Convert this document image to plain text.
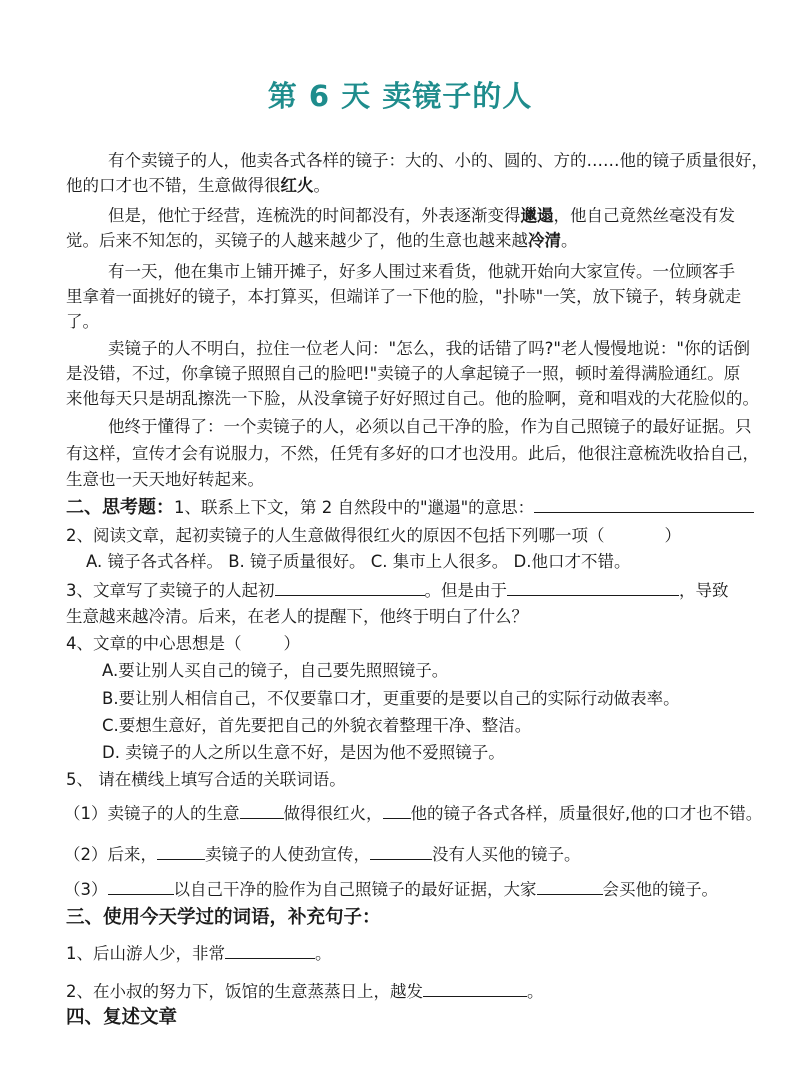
第 6 天 卖镜子的人
有个卖镜子的人，他卖各式各样的镜子：大的、小的、圆的、方的……他的镜子质量很好，
他的口才也不错，生意做得很红火。
但是，他忙于经营，连梳洗的时间都没有，外表逐渐变得邋遢，他自己竟然丝毫没有发
觉。后来不知怎的，买镜子的人越来越少了，他的生意也越来越冷清。
有一天，他在集市上铺开摊子，好多人围过来看货，他就开始向大家宣传。一位顾客手
里拿着一面挑好的镜子，本打算买，但端详了一下他的脸，"扑哧"一笑，放下镜子，转身就走
了。
卖镜子的人不明白，拉住一位老人问："怎么，我的话错了吗?"老人慢慢地说："你的话倒
是没错，不过，你拿镜子照照自己的脸吧!"卖镜子的人拿起镜子一照，顿时羞得满脸通红。原
来他每天只是胡乱擦洗一下脸，从没拿镜子好好照过自己。他的脸啊，竟和唱戏的大花脸似的。
他终于懂得了：一个卖镜子的人，必须以自己干净的脸，作为自己照镜子的最好证据。只
有这样，宣传才会有说服力，不然，任凭有多好的口才也没用。此后，他很注意梳洗收拾自己，
生意也一天天地好转起来。
二、思考题：1、联系上下文，第 2 自然段中的"邋遢"的意思：
2、阅读文章，起初卖镜子的人生意做得很红火的原因不包括下列哪一项（	）
A. 镜子各式各样。 B. 镜子质量很好。 C. 集市上人很多。 D.他口才不错。
3、文章写了卖镜子的人起初	。但是由于	，导致
生意越来越冷清。后来，在老人的提醒下，他终于明白了什么？
4、文章的中心思想是（	）
A.要让别人买自己的镜子，自己要先照照镜子。
B.要让别人相信自己，不仅要靠口才，更重要的是要以自己的实际行动做表率。
C.要想生意好，首先要把自己的外貌衣着整理干净、整洁。
D. 卖镜子的人之所以生意不好，是因为他不爱照镜子。
5、 请在横线上填写合适的关联词语。
（1）卖镜子的人的生意	做得很红火， 他的镜子各式各样，质量很好,他的口才也不错。
（2）后来，	卖镜子的人使劲宣传，	没有人买他的镜子。
（3）	以自己干净的脸作为自己照镜子的最好证据，大家	会买他的镜子。
三、使用今天学过的词语，补充句子：
1、后山游人少，非常	。
2、在小叔的努力下，饭馆的生意蒸蒸日上，越发	。
四、复述文章
